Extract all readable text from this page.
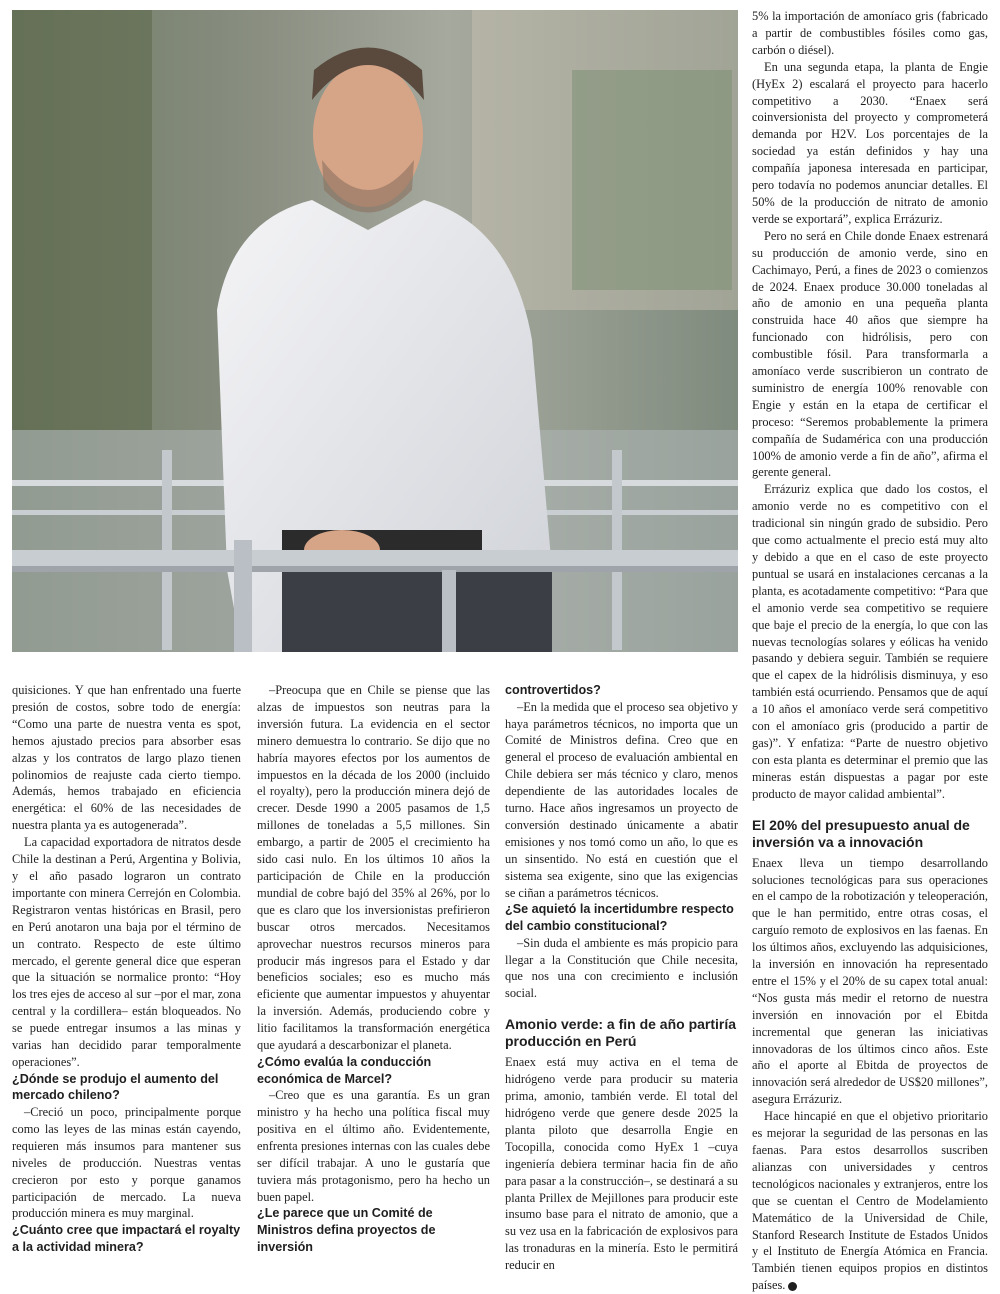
quisiciones. Y que han enfrentado una fuerte presión de costos, sobre todo de energía: “Como una parte de nuestra venta es spot, hemos ajustado precios para absorber esas alzas y los contratos de largo plazo tienen polinomios de reajuste cada cierto tiempo. Además, hemos trabajado en eficiencia energética: el 60% de las necesidades de nuestra planta ya es autogenerada”.

La capacidad exportadora de nitratos desde Chile la destinan a Perú, Argentina y Bolivia, y el año pasado lograron un contrato importante con minera Cerrejón en Colombia. Registraron ventas históricas en Brasil, pero en Perú anotaron una baja por el término de un contrato. Respecto de este último mercado, el gerente general dice que esperan que la situación se normalice pronto: “Hoy los tres ejes de acceso al sur –por el mar, zona central y la cordillera– están bloqueados. No se puede entregar insumos a las minas y varias han decidido parar temporalmente operaciones”.

¿Dónde se produjo el aumento del mercado chileno?

–Creció un poco, principalmente porque como las leyes de las minas están cayendo, requieren más insumos para mantener sus niveles de producción. Nuestras ventas crecieron por esto y porque ganamos participación de mercado. La nueva producción minera es muy marginal.

¿Cuánto cree que impactará el royalty a la actividad minera?

–Preocupa que en Chile se piense que las alzas de impuestos son neutras para la inversión futura. La evidencia en el sector minero demuestra lo contrario. Se dijo que no habría mayores efectos por los aumentos de impuestos en la década de los 2000 (incluido el royalty), pero la producción minera dejó de crecer. Desde 1990 a 2005 pasamos de 1,5 millones de toneladas a 5,5 millones. Sin embargo, a partir de 2005 el crecimiento ha sido casi nulo. En los últimos 10 años la participación de Chile en la producción mundial de cobre bajó del 35% al 26%, por lo que es claro que los inversionistas prefirieron buscar otros mercados. Necesitamos aprovechar nuestros recursos mineros para producir más ingresos para el Estado y dar beneficios sociales; eso es mucho más eficiente que aumentar impuestos y ahuyentar la inversión. Además, produciendo cobre y litio facilitamos la transformación energética que ayudará a descarbonizar el planeta.

¿Cómo evalúa la conducción económica de Marcel?

–Creo que es una garantía. Es un gran ministro y ha hecho una política fiscal muy positiva en el último año. Evidentemente, enfrenta presiones internas con las cuales debe ser difícil trabajar. A uno le gustaría que tuviera más protagonismo, pero ha hecho un buen papel.

¿Le parece que un Comité de Ministros defina proyectos de inversión
controvertidos?

–En la medida que el proceso sea objetivo y haya parámetros técnicos, no importa que un Comité de Ministros defina. Creo que en general el proceso de evaluación ambiental en Chile debiera ser más técnico y claro, menos dependiente de las autoridades locales de turno. Hace años ingresamos un proyecto de conversión destinado únicamente a abatir emisiones y nos tomó como un año, lo que es un sinsentido. No está en cuestión que el sistema sea exigente, sino que las exigencias se ciñan a parámetros técnicos.

¿Se aquietó la incertidumbre respecto del cambio constitucional?

–Sin duda el ambiente es más propicio para llegar a la Constitución que Chile necesita, que nos una con crecimiento e inclusión social.

Amonio verde: a fin de año partiría producción en Perú

Enaex está muy activa en el tema de hidrógeno verde para producir su materia prima, amonio, también verde. El total del hidrógeno verde que genere desde 2025 la planta piloto que desarrolla Engie en Tocopilla, conocida como HyEx 1 –cuya ingeniería debiera terminar hacia fin de año para pasar a la construcción–, se destinará a su planta Prillex de Mejillones para producir este insumo base para el nitrato de amonio, que a su vez usa en la fabricación de explosivos para las tronaduras en la minería. Esto le permitirá reducir en

5% la importación de amoníaco gris (fabricado a partir de combustibles fósiles como gas, carbón o diésel).

En una segunda etapa, la planta de Engie (HyEx 2) escalará el proyecto para hacerlo competitivo a 2030. “Enaex será coinversionista del proyecto y comprometerá demanda por H2V. Los porcentajes de la sociedad ya están definidos y hay una compañía japonesa interesada en participar, pero todavía no podemos anunciar detalles. El 50% de la producción de nitrato de amonio verde se exportará”, explica Errázuriz.

Pero no será en Chile donde Enaex estrenará su producción de amonio verde, sino en Cachimayo, Perú, a fines de 2023 o comienzos de 2024. Enaex produce 30.000 toneladas al año de amonio en una pequeña planta construida hace 40 años que siempre ha funcionado con hidrólisis, pero con combustible fósil. Para transformarla a amoníaco verde suscribieron un contrato de suministro de energía 100% renovable con Engie y están en la etapa de certificar el proceso: “Seremos probablemente la primera compañía de Sudamérica con una producción 100% de amonio verde a fin de año”, afirma el gerente general.

Errázuriz explica que dado los costos, el amonio verde no es competitivo con el tradicional sin ningún grado de subsidio. Pero que como actualmente el precio está muy alto y debido a que en el caso de este proyecto puntual se usará en instalaciones cercanas a la planta, es acotadamente competitivo: “Para que el amonio verde sea competitivo se requiere que baje el precio de la energía, lo que con las nuevas tecnologías solares y eólicas ha venido pasando y debiera seguir. También se requiere que el capex de la hidrólisis disminuya, y eso también está ocurriendo. Pensamos que de aquí a 10 años el amoníaco verde será competitivo con el amoníaco gris (producido a partir de gas)”. Y enfatiza: “Parte de nuestro objetivo con esta planta es determinar el premio que las mineras están dispuestas a pagar por este producto de mayor calidad ambiental”.

El 20% del presupuesto anual de inversión va a innovación

Enaex lleva un tiempo desarrollando soluciones tecnológicas para sus operaciones en el campo de la robotización y teleoperación, que le han permitido, entre otras cosas, el carguío remoto de explosivos en las faenas. En los últimos años, excluyendo las adquisiciones, la inversión en innovación ha representado entre el 15% y el 20% de su capex total anual: “Nos gusta más medir el retorno de nuestra inversión en innovación por el Ebitda incremental que generan las iniciativas innovadoras de los últimos cinco años. Este año el aporte al Ebitda de proyectos de innovación será alrededor de US$20 millones”, asegura Errázuriz.

Hace hincapié en que el objetivo prioritario es mejorar la seguridad de las personas en las faenas. Para estos desarrollos suscriben alianzas con universidades y centros tecnológicos nacionales y extranjeros, entre los que se cuentan el Centro de Modelamiento Matemático de la Universidad de Chile, Stanford Research Institute de Estados Unidos y el Instituto de Energía Atómica en Francia. También tienen equipos propios en distintos países.
